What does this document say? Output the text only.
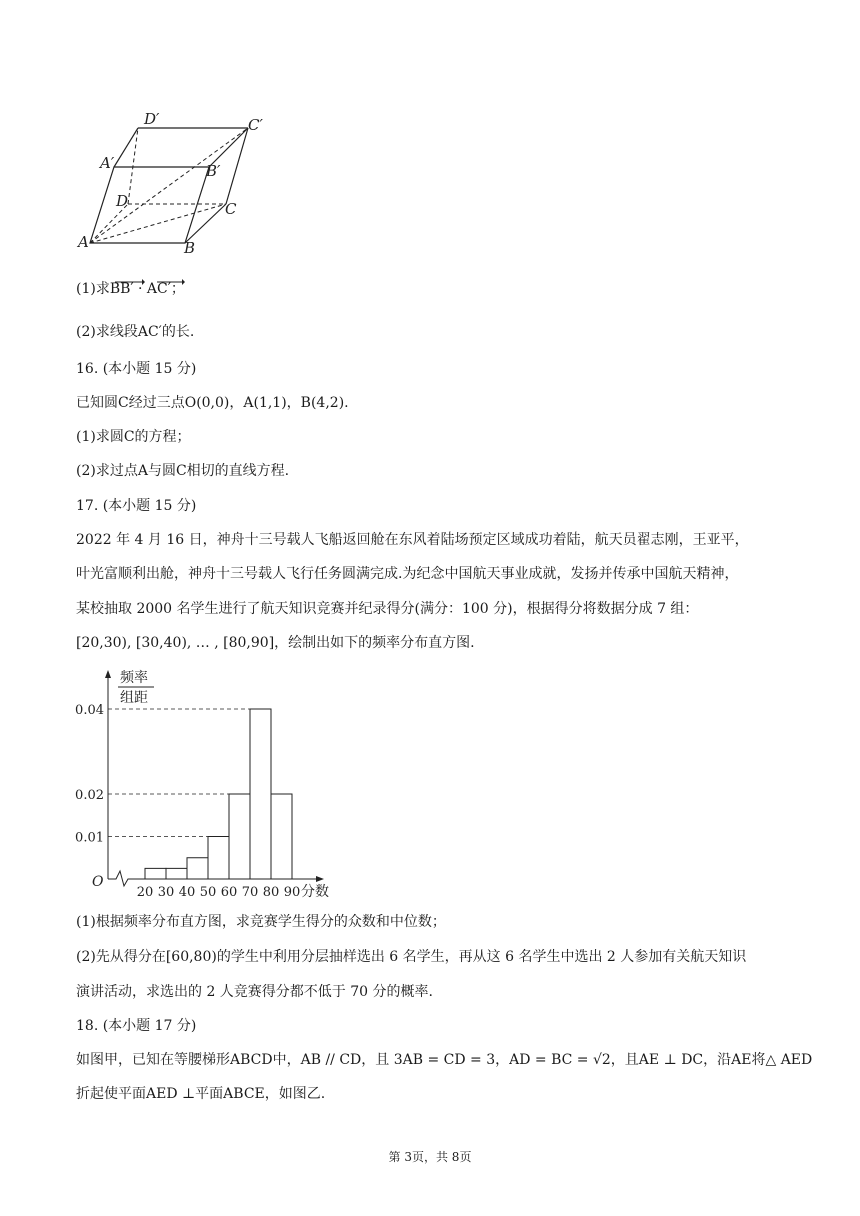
D′	C′
A′	B′
D	C
A	B
(1)求BB′ · AC′；
(2)求线段AC′的长.
16. (本小题 15 分)
已知圆C经过三点O(0,0)，A(1,1)，B(4,2).
(1)求圆C的方程；
(2)求过点A与圆C相切的直线方程.
17. (本小题 15 分)
2022 年 4 月 16 日，神舟十三号载人飞船返回舱在东风着陆场预定区域成功着陆，航天员翟志刚，王亚平，
叶光富顺利出舱，神舟十三号载人飞行任务圆满完成.为纪念中国航天事业成就，发扬并传承中国航天精神，
某校抽取 2000 名学生进行了航天知识竞赛并纪录得分(满分：100 分)，根据得分将数据分成 7 组：
[20,30), [30,40), … , [80,90]，绘制出如下的频率分布直方图.
频率
组距
O
0.04
0.02
0.01
20 30 40 50 60 70 80 90 分数
(1)根据频率分布直方图，求竞赛学生得分的众数和中位数；
(2)先从得分在[60,80)的学生中利用分层抽样选出 6 名学生，再从这 6 名学生中选出 2 人参加有关航天知识
演讲活动，求选出的 2 人竞赛得分都不低于 70 分的概率.
18. (本小题 17 分)
如图甲，已知在等腰梯形ABCD中，AB // CD，且 3AB = CD = 3，AD = BC = √2，且AE ⊥ DC，沿AE将△ AED
折起使平面AED ⊥平面ABCE，如图乙.
第 3页，共 8页
